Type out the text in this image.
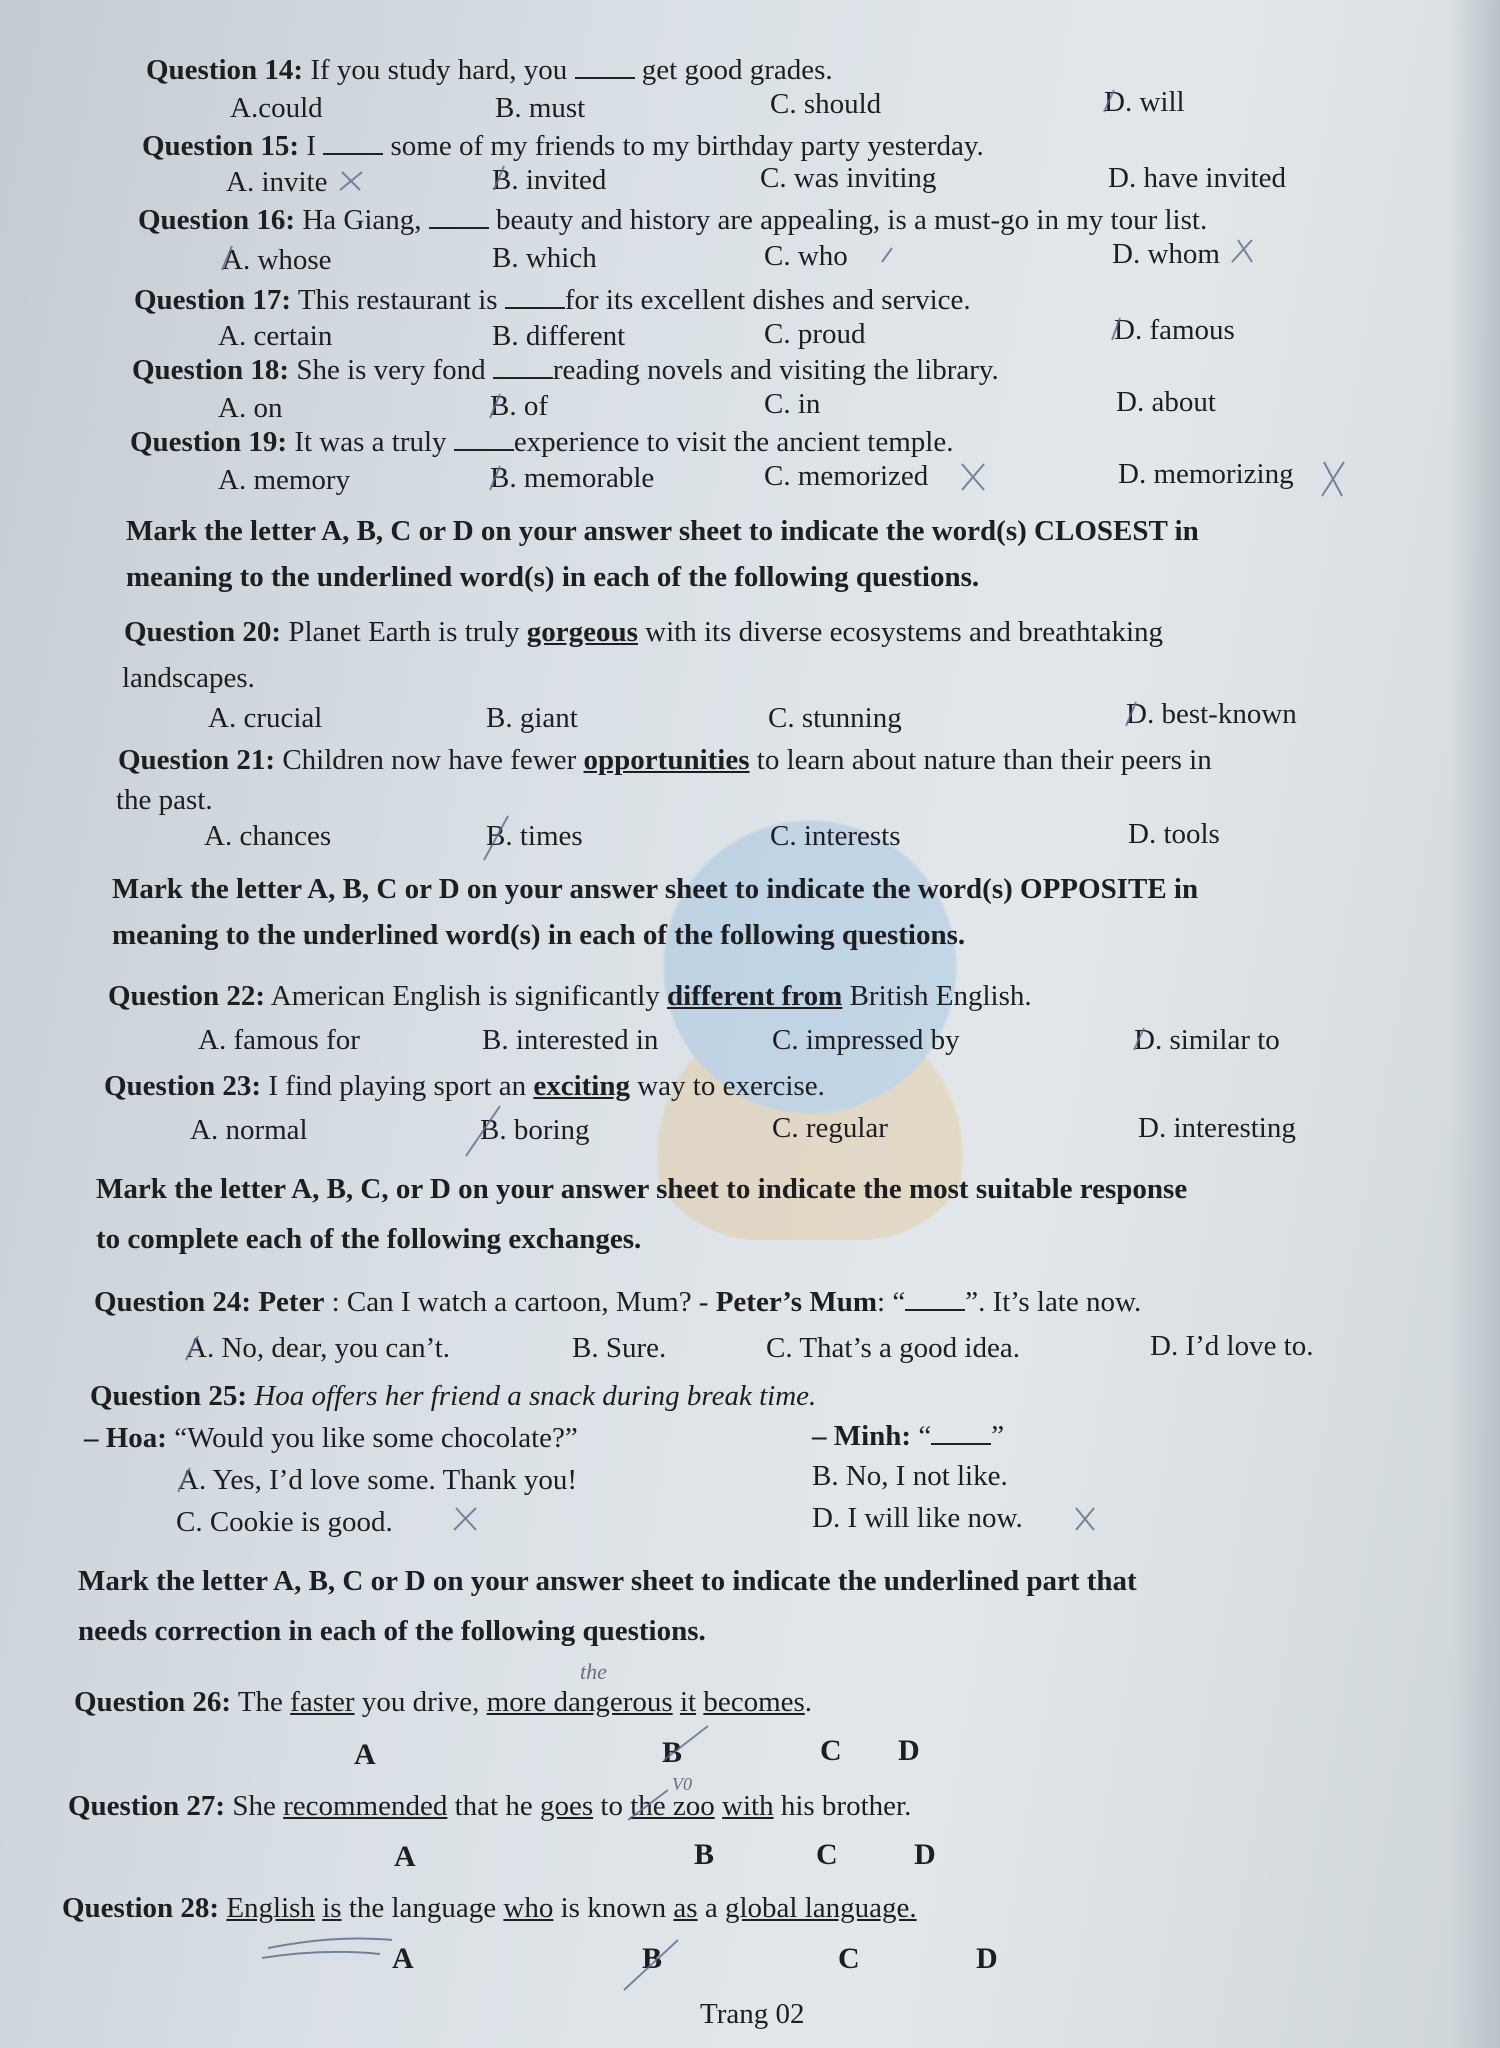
Question 14: If you study hard, you  get good grades.
A.could	B. must	C. should	D. will
Question 15: I  some of my friends to my birthday party yesterday.
A. invite	B. invited	C. was inviting	D. have invited
Question 16: Ha Giang,  beauty and history are appealing, is a must-go in my tour list.
A. whose	B. which	C. who	D. whom
Question 17: This restaurant is for its excellent dishes and service.
A. certain	B. different	C. proud	D. famous
Question 18: She is very fond reading novels and visiting the library.
A. on	B. of	C. in	D. about
Question 19: It was a truly experience to visit the ancient temple.
A. memory	B. memorable	C. memorized	D. memorizing
Mark the letter A, B, C or D on your answer sheet to indicate the word(s) CLOSEST in
meaning to the underlined word(s) in each of the following questions.
Question 20: Planet Earth is truly gorgeous with its diverse ecosystems and breathtaking
landscapes.
A. crucial	B. giant	C. stunning	D. best-known
Question 21: Children now have fewer opportunities to learn about nature than their peers in
the past.
A. chances	B. times	C. interests	D. tools
Mark the letter A, B, C or D on your answer sheet to indicate the word(s) OPPOSITE in
meaning to the underlined word(s) in each of the following questions.
Question 22: American English is significantly different from British English.
A. famous for	B. interested in	C. impressed by	D. similar to
Question 23: I find playing sport an exciting way to exercise.
A. normal	B. boring	C. regular	D. interesting
Mark the letter A, B, C, or D on your answer sheet to indicate the most suitable response
to complete each of the following exchanges.
Question 24: Peter : Can I watch a cartoon, Mum? - Peter’s Mum: “ ”. It’s late now.
A. No, dear, you can’t.	B. Sure.	C. That’s a good idea.	D. I’d love to.
Question 25: Hoa offers her friend a snack during break time.
– Hoa: “Would you like some chocolate?”	– Minh: “ ”
A. Yes, I’d love some. Thank you!	B. No, I not like.
C. Cookie is good.	D. I will like now.
Mark the letter A, B, C or D on your answer sheet to indicate the underlined part that
needs correction in each of the following questions.
Question 26: The faster you drive, more dangerous it becomes.
the
A	B	C D
Question 27: She recommended that he goes to the zoo with his brother.
V0
A	B	C	D
Question 28: English is the language who is known as a global language.
A	B	C	D
Trang 02
